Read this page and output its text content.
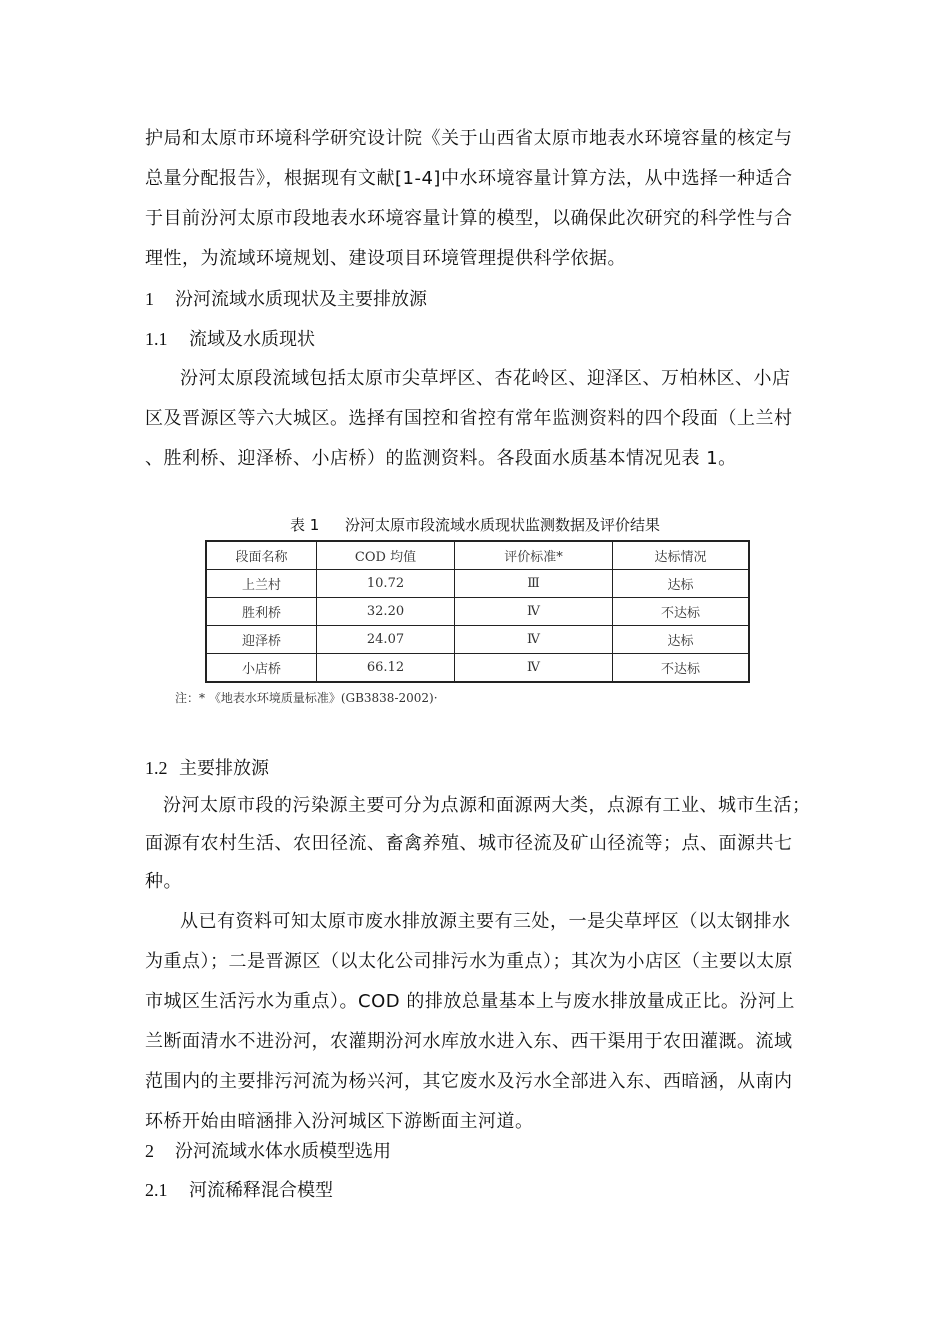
护局和太原市环境科学研究设计院《关于山西省太原市地表水环境容量的核定与
总量分配报告》，根据现有文献[1-4]中水环境容量计算方法，从中选择一种适合
于目前汾河太原市段地表水环境容量计算的模型，以确保此次研究的科学性与合
理性，为流域环境规划、建设项目环境管理提供科学依据。
1 汾河流域水质现状及主要排放源
1.1 流域及水质现状
汾河太原段流域包括太原市尖草坪区、杏花岭区、迎泽区、万柏林区、小店
区及晋源区等六大城区。选择有国控和省控有常年监测资料的四个段面（上兰村
、胜利桥、迎泽桥、小店桥）的监测资料。各段面水质基本情况见表 1。
表 1 汾河太原市段流域水质现状监测数据及评价结果
段面名称	COD 均值	评价标准*	达标情况
上兰村	10.72	Ⅲ	达标
胜利桥	32.20	Ⅳ	不达标
迎泽桥	24.07	Ⅳ	达标
小店桥	66.12	Ⅳ	不达标
注：* 《地表水环境质量标准》(GB3838-2002)·
1.2 主要排放源
汾河太原市段的污染源主要可分为点源和面源两大类，点源有工业、城市生活；
面源有农村生活、农田径流、畜禽养殖、城市径流及矿山径流等；点、面源共七
种。
从已有资料可知太原市废水排放源主要有三处，一是尖草坪区（以太钢排水
为重点）；二是晋源区（以太化公司排污水为重点）；其次为小店区（主要以太原
市城区生活污水为重点）。COD 的排放总量基本上与废水排放量成正比。汾河上
兰断面清水不进汾河，农灌期汾河水库放水进入东、西干渠用于农田灌溉。流域
范围内的主要排污河流为杨兴河，其它废水及污水全部进入东、西暗涵，从南内
环桥开始由暗涵排入汾河城区下游断面主河道。
2 汾河流域水体水质模型选用
2.1 河流稀释混合模型
